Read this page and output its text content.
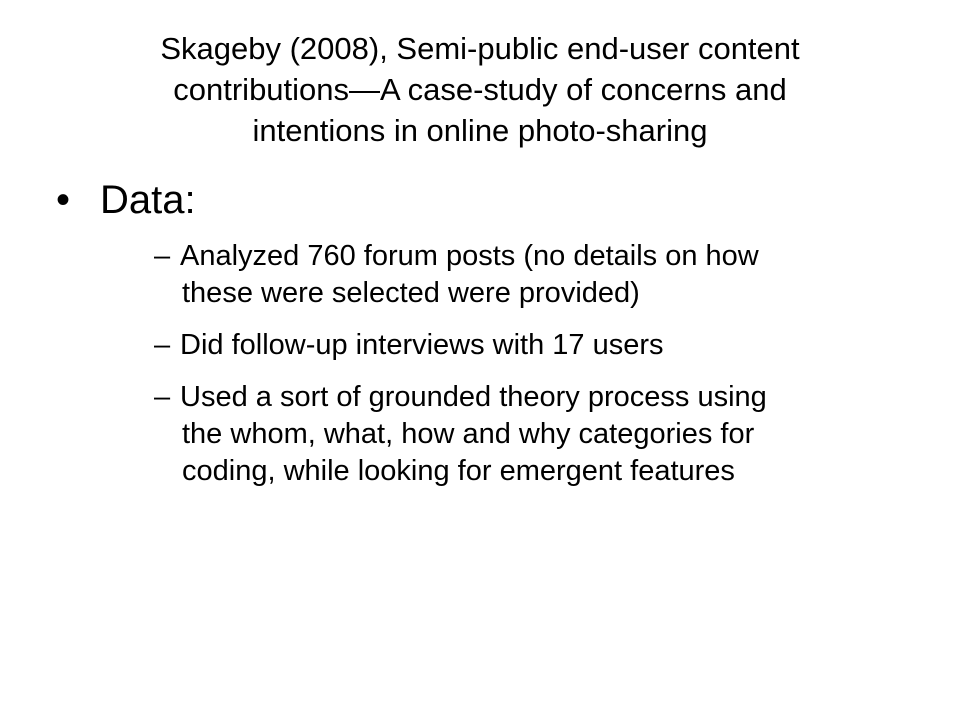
Skageby (2008), Semi-public end-user content
contributions—A case-study of concerns and
intentions in online photo-sharing
• Data:
– Analyzed 760 forum posts (no details on how
these were selected were provided)
– Did follow-up interviews with 17 users
– Used a sort of grounded theory process using
the whom, what, how and why categories for
coding, while looking for emergent features
